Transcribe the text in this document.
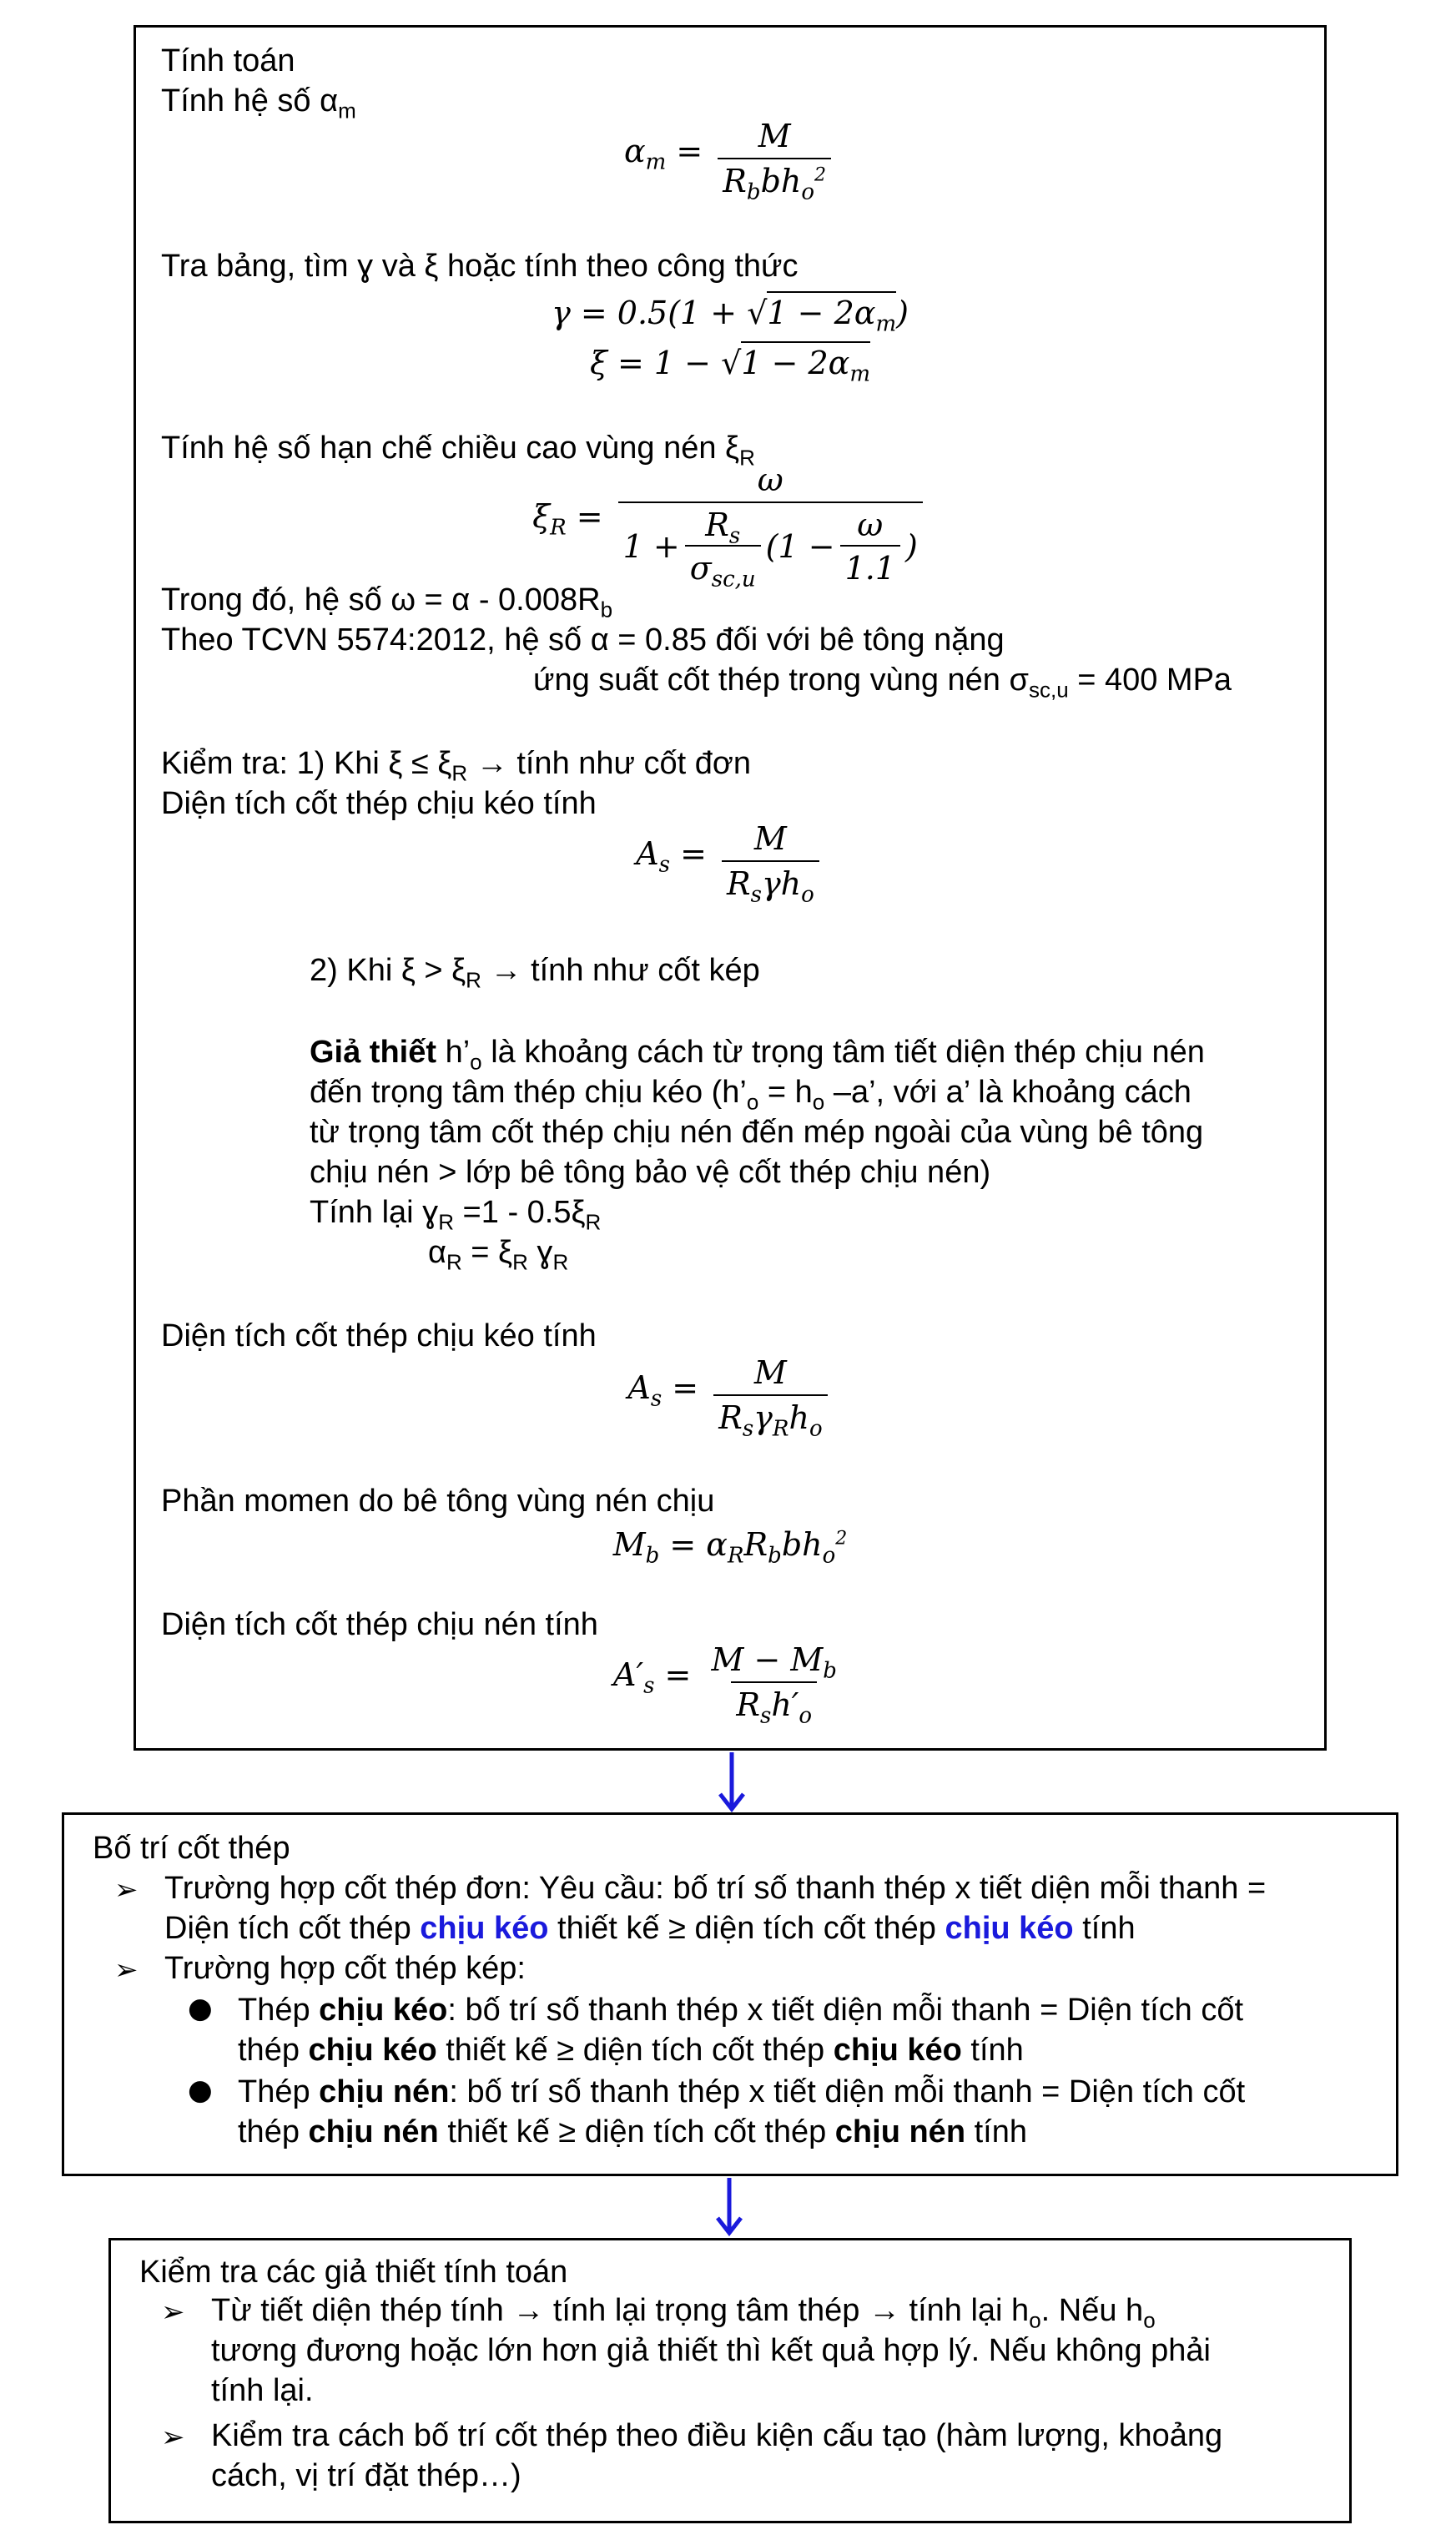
Tính toán
Tính hệ số $\alpha_m$
$\alpha_m = \frac{M}{R_bbh_o^2}$
Tra bảng, tìm ɣ và ξ hoặc tính theo công thức
$\gamma = 0.5(1 + √1 - 2\alpha_m)$
$\xi = 1 - √1 - 2\alpha_m$
Tính hệ số hạn chế chiều cao vùng nén $\xi_R$
$\xi_R = \frac{\omega}{1 + \frac{R_s}{\sigma_{sc,u}} (1 - \frac{\omega}{1.1} )}$
Trong đó, hệ số $\omega = \alpha - 0.008R_b$
Theo TCVN 5574:2012, hệ số α = 0.85 đối với bê tông nặng
ứng suất cốt thép trong vùng nén $\sigma_{sc,u} = 400$ MPa
Kiểm tra: 1) Khi $\xi \le \xi_R$ → tính như cốt đơn
Diện tích cốt thép chịu kéo tính
$A_s = \frac{M}{R_s\gamma h_o}$
2) Khi $\xi > \xi_R$ → tính như cốt kép
Giả thiết $h’_o$ là khoảng cách từ trọng tâm tiết diện thép chịu nén
đến trọng tâm thép chịu kéo ($h’_o = h_o$ –a’, với a’ là khoảng cách
từ trọng tâm cốt thép chịu nén đến mép ngoài của vùng bê tông
chịu nén > lớp bê tông bảo vệ cốt thép chịu nén)
Tính lại ɣ$_R$ $=1 - 0.5\xi_R$
$\alpha_R = \xi_R$ ɣ$_R$
Diện tích cốt thép chịu kéo tính
$A_s = \frac{M}{R_s\gamma_Rh_o}$
Phần momen do bê tông vùng nén chịu
$M_b = \alpha_RR_bbh_o^2$
Diện tích cốt thép chịu nén tính
$A'_s = \frac{M - M_b}{R_sh'_o}$
Bố trí cốt thép
➢ Trường hợp cốt thép đơn: Yêu cầu: bố trí số thanh thép x tiết diện mỗi thanh =
Diện tích cốt thép chịu kéo thiết kế ≥ diện tích cốt thép chịu kéo tính
➢ Trường hợp cốt thép kép:
● Thép chịu kéo: bố trí số thanh thép x tiết diện mỗi thanh = Diện tích cốt
thép chịu kéo thiết kế ≥ diện tích cốt thép chịu kéo tính
● Thép chịu nén: bố trí số thanh thép x tiết diện mỗi thanh = Diện tích cốt
thép chịu nén thiết kế ≥ diện tích cốt thép chịu nén tính
Kiểm tra các giả thiết tính toán
➢ Từ tiết diện thép tính → tính lại trọng tâm thép → tính lại $h_o$. Nếu $h_o$
tương đương hoặc lớn hơn giả thiết thì kết quả hợp lý. Nếu không phải
tính lại.
➢ Kiểm tra cách bố trí cốt thép theo điều kiện cấu tạo (hàm lượng, khoảng
cách, vị trí đặt thép…)
